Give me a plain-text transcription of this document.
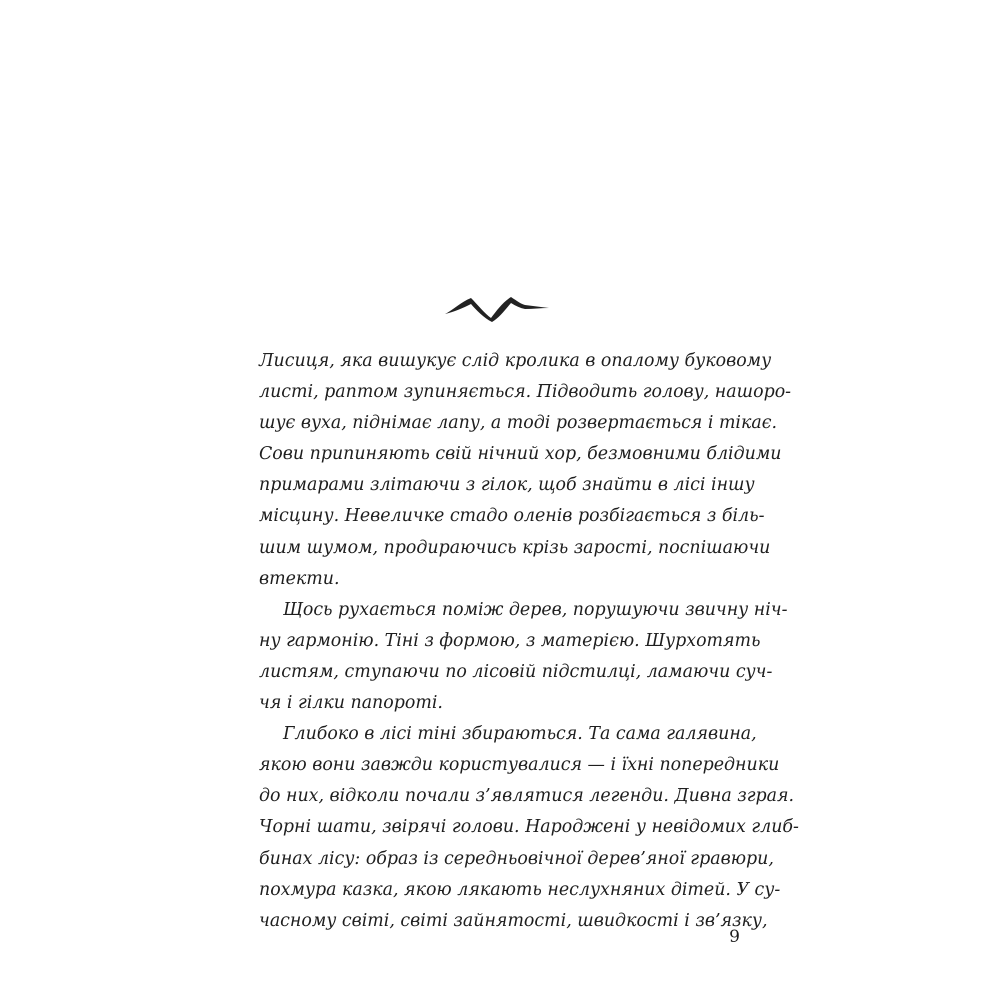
Лисиця, яка вишукує слід кролика в опалому буковому
листі, раптом зупиняється. Підводить голову, нашоро-
шує вуха, піднімає лапу, а тоді розвертається і тікає.
Сови припиняють свій нічний хор, безмовними блідими
примарами злітаючи з гілок, щоб знайти в лісі іншу
місцину. Невеличке стадо оленів розбігається з біль-
шим шумом, продираючись крізь зарості, поспішаючи
втекти.

Щось рухається поміж дерев, порушуючи звичну ніч-
ну гармонію. Тіні з формою, з матерією. Шурхотять
листям, ступаючи по лісовій підстилці, ламаючи суч-
чя і гілки папороті.

Глибоко в лісі тіні збираються. Та сама галявина,
якою вони завжди користувалися — і їхні попередники
до них, відколи почали з’являтися легенди. Дивна зграя.
Чорні шати, звірячі голови. Народжені у невідомих глиб-
бинах лісу: образ із середньовічної дерев’яної гравюри,
похмура казка, якою лякають неслухняних дітей. У су-
часному світі, світі зайнятості, швидкості і зв’язку,

9
